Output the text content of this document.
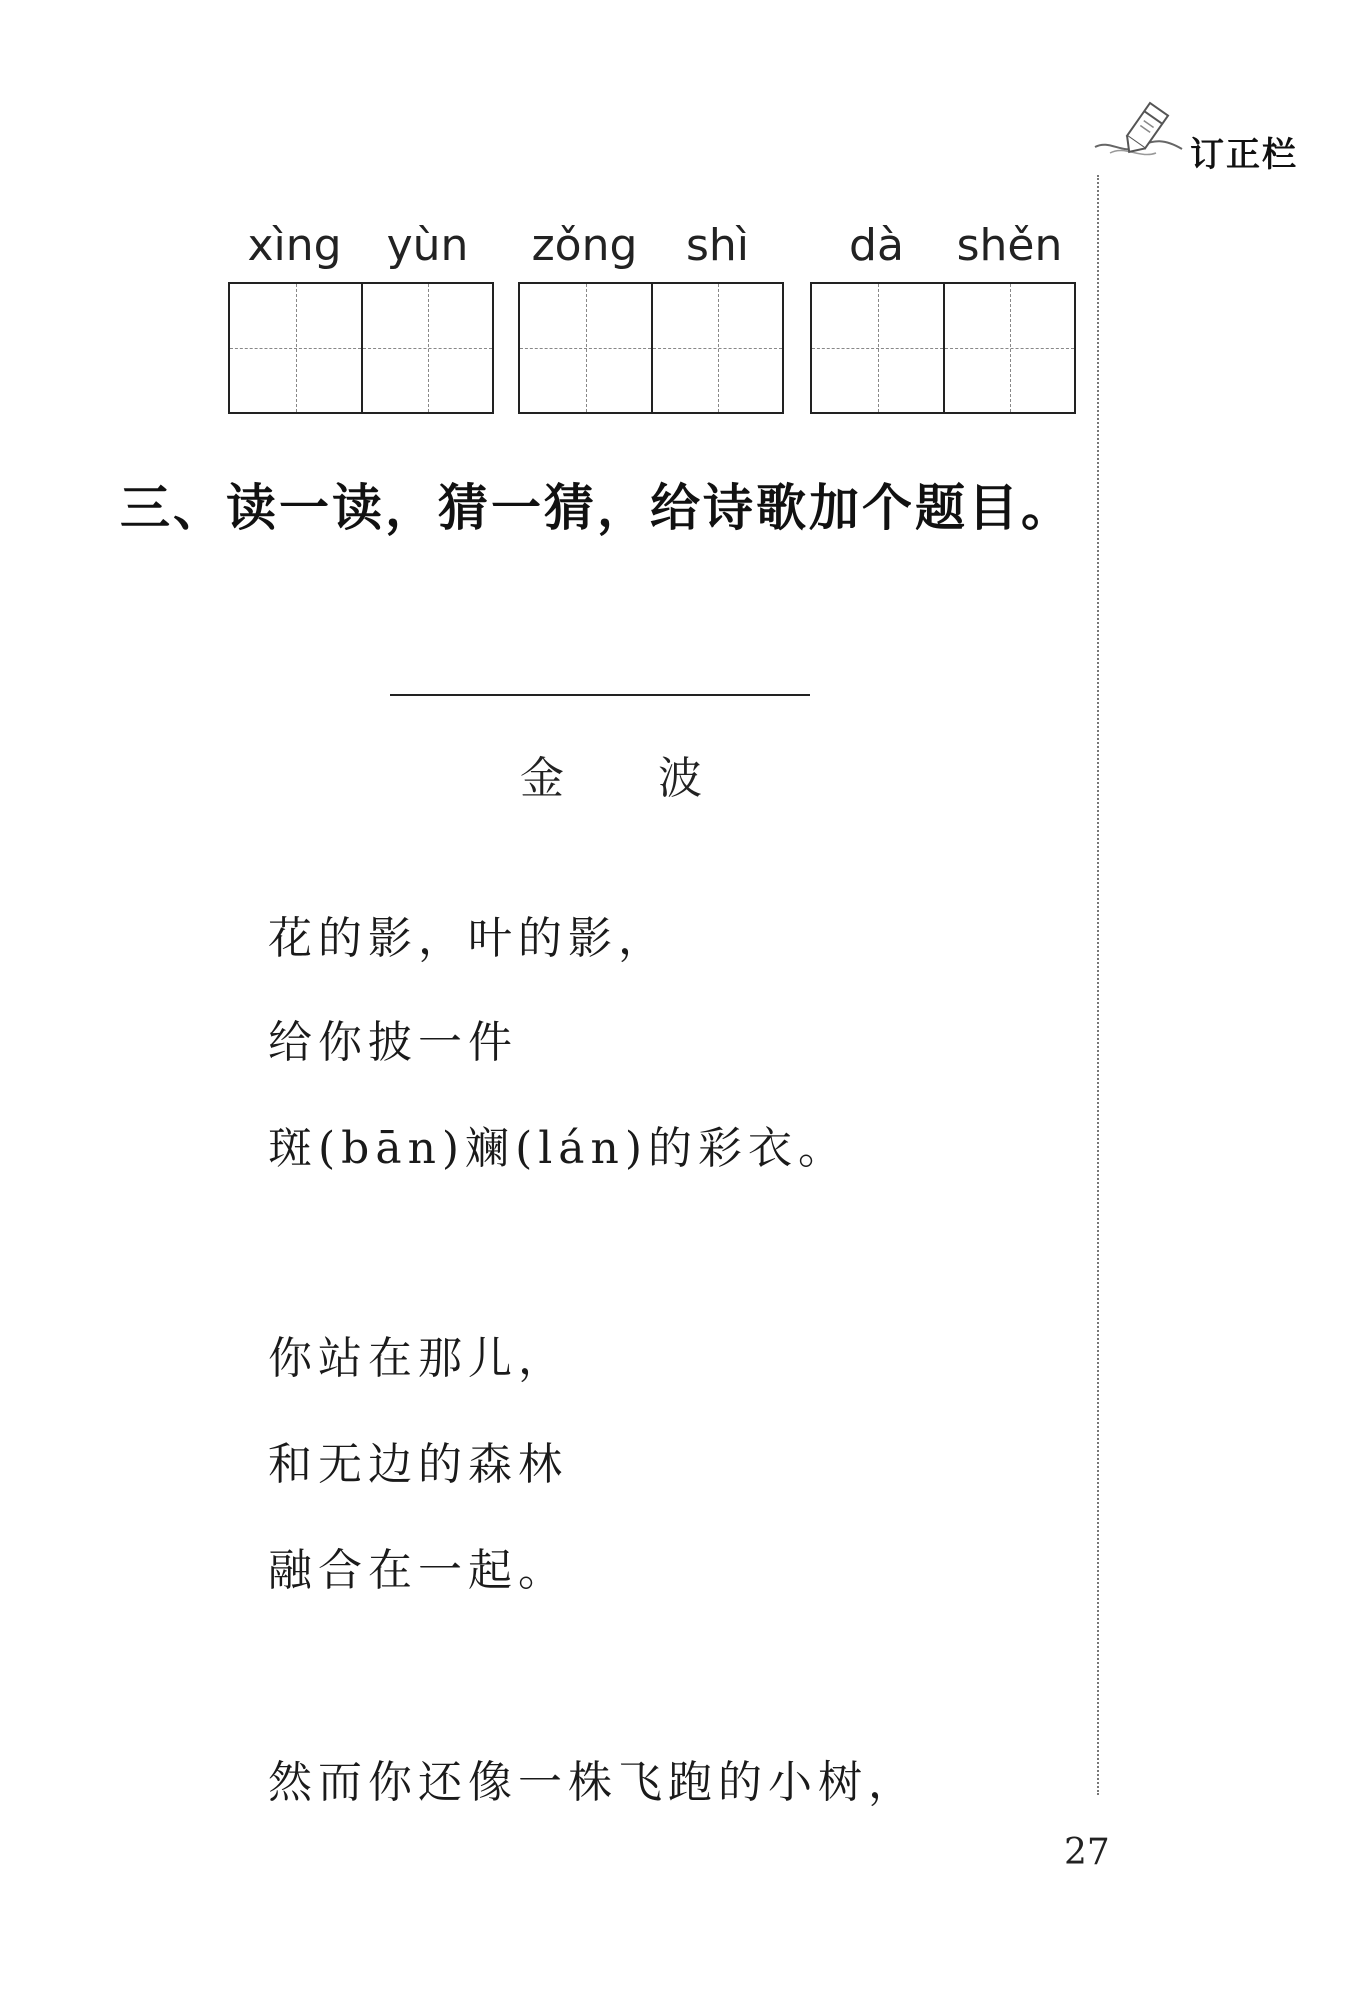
订正栏
xìng	yùn	zǒng	shì	dà	shěn
三、读一读，猜一猜，给诗歌加个题目。
金 波
花的影，叶的影，
给你披一件
斑(bān)斓(lán)的彩衣。
你站在那儿，
和无边的森林
融合在一起。
然而你还像一株飞跑的小树，
27
